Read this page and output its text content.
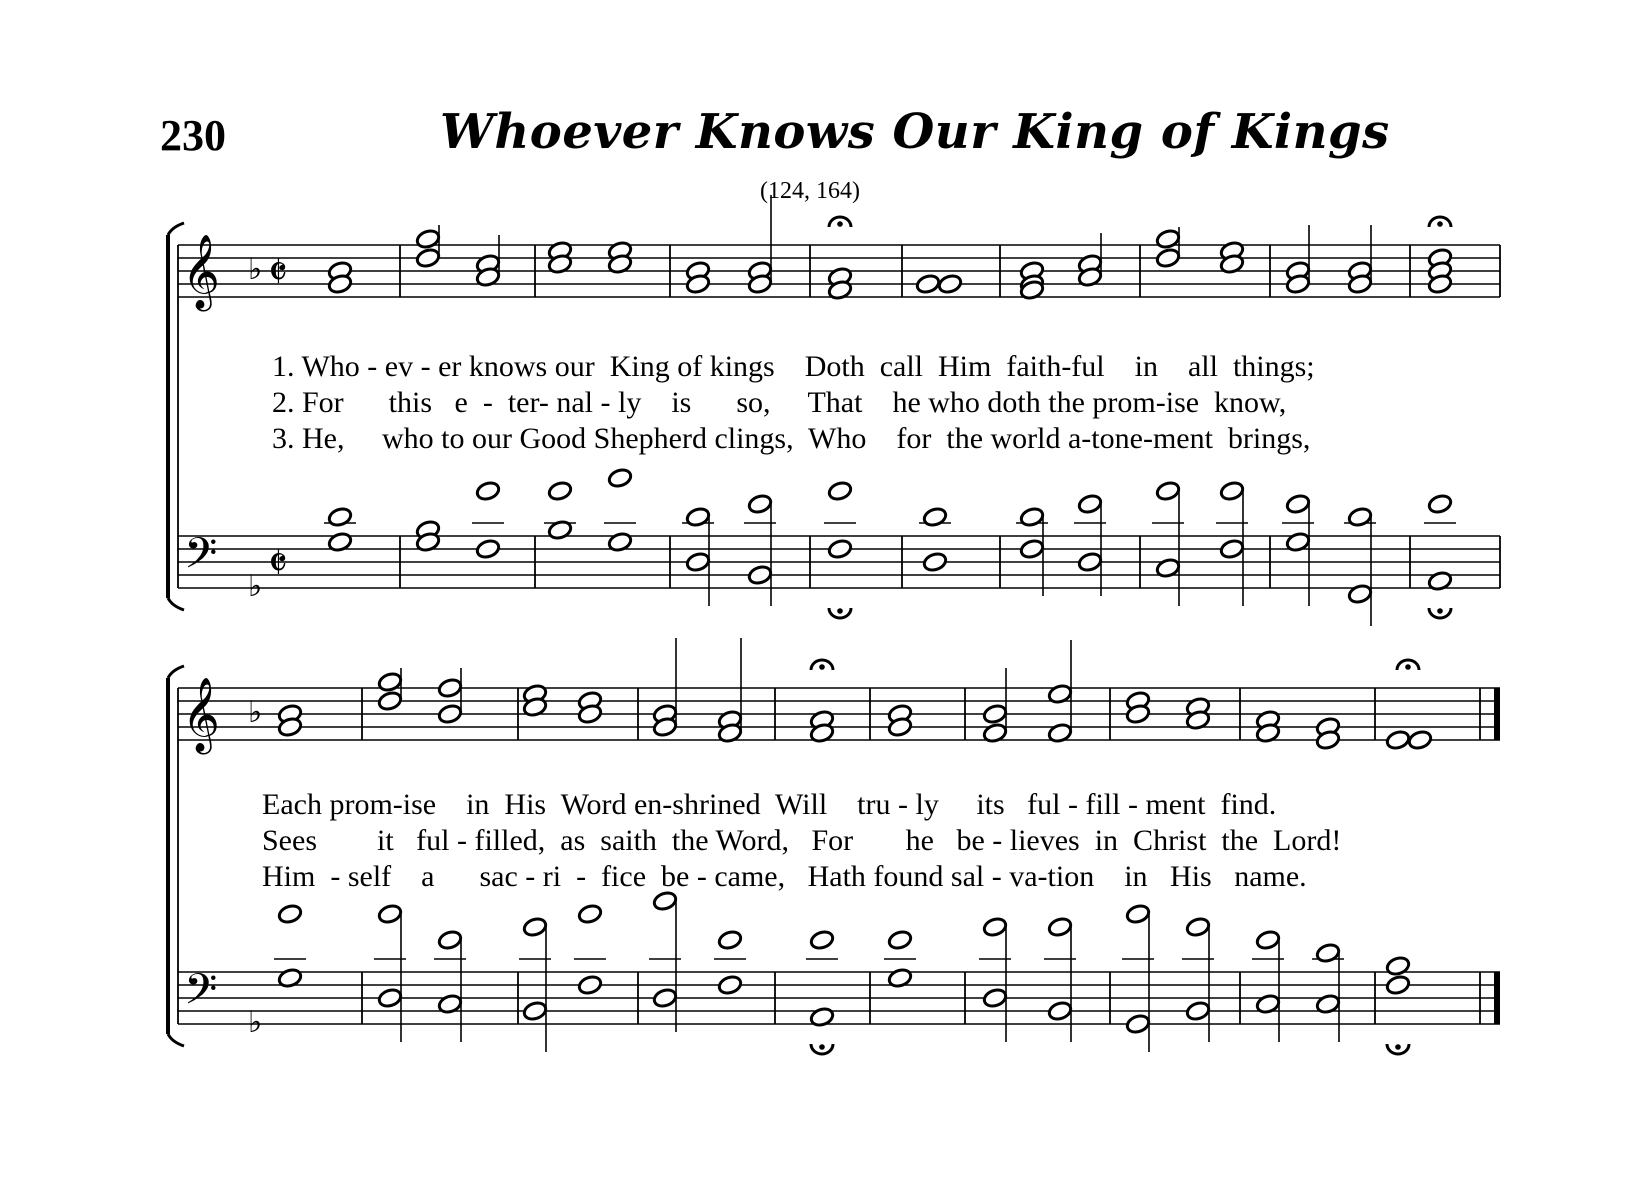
230	Whoever Knows Our King of Kings
(124, 164)
𝄞
𝄢
♭
♭
𝄵
𝄵
𝄞
𝄢
♭
♭
1. Who - ev - er knows our  King of kings    Doth  call  Him  faith-ful    in    all  things;
2. For      this   e  -  ter- nal - ly    is      so,     That    he who doth the prom-ise  know,
3. He,     who to our Good Shepherd clings,  Who    for  the world a-tone-ment  brings,
Each prom-ise    in  His  Word en-shrined  Will    tru - ly     its   ful - fill - ment  find.
Sees        it   ful - filled,  as  saith  the Word,   For       he   be - lieves  in  Christ  the  Lord!
Him  - self    a      sac - ri  -  fice  be - came,   Hath found sal - va-tion    in   His   name.
